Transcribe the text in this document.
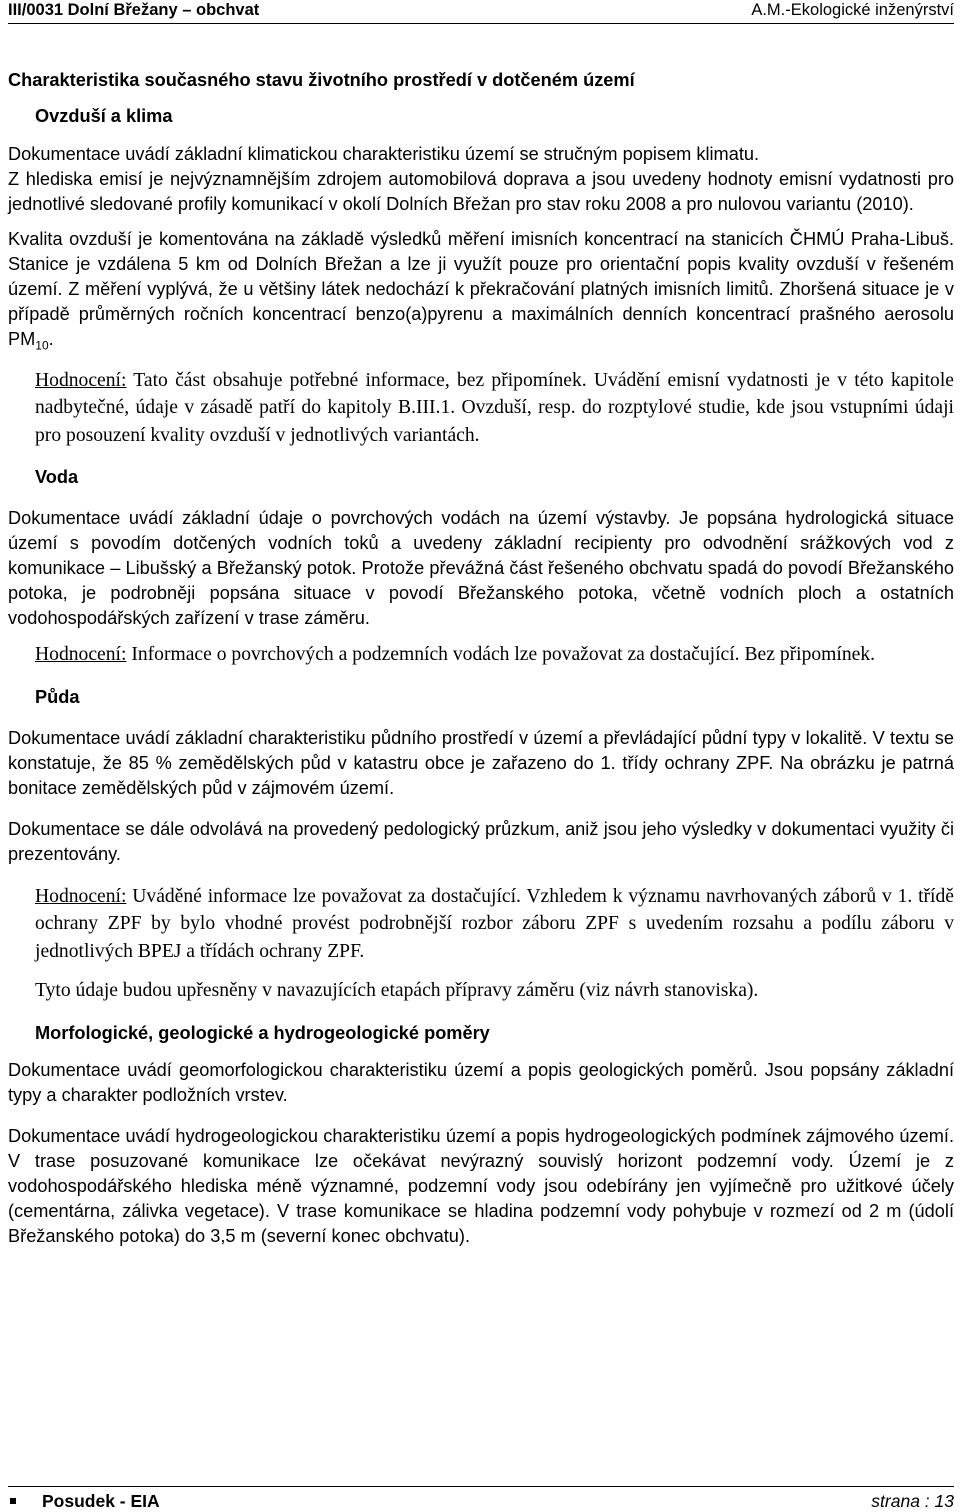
III/0031 Dolní Břežany – obchvat	A.M.-Ekologické inženýrství
Charakteristika současného stavu životního prostředí v dotčeném území
Ovzduší a klima

Dokumentace uvádí základní klimatickou charakteristiku území se stručným popisem klimatu.

Z hlediska emisí je nejvýznamnějším zdrojem automobilová doprava a jsou uvedeny hodnoty emisní vydatnosti pro jednotlivé sledované profily komunikací v okolí Dolních Břežan pro stav roku 2008 a pro nulovou variantu (2010).

Kvalita ovzduší je komentována na základě výsledků měření imisních koncentrací na stanicích ČHMÚ Praha-Libuš. Stanice je vzdálena 5 km od Dolních Břežan a lze ji využít pouze pro orientační popis kvality ovzduší v řešeném území. Z měření vyplývá, že u většiny látek nedochází k překračování platných imisních limitů. Zhoršená situace je v případě průměrných ročních koncentrací benzo(a)pyrenu a maximálních denních koncentrací prašného aerosolu $PM_{10}$.

Hodnocení: Tato část obsahuje potřebné informace, bez připomínek. Uvádění emisní vydatnosti je v této kapitole nadbytečné, údaje v zásadě patří do kapitoly B.III.1. Ovzduší, resp. do rozptylové studie, kde jsou vstupními údaji pro posouzení kvality ovzduší v jednotlivých variantách.

Voda

Dokumentace uvádí základní údaje o povrchových vodách na území výstavby. Je popsána hydrologická situace území s povodím dotčených vodních toků a uvedeny základní recipienty pro odvodnění srážkových vod z komunikace – Libušský a Břežanský potok. Protože převážná část řešeného obchvatu spadá do povodí Břežanského potoka, je podrobněji popsána situace v povodí Břežanského potoka, včetně vodních ploch a ostatních vodohospodářských zařízení v trase záměru.

Hodnocení: Informace o povrchových a podzemních vodách lze považovat za dostačující. Bez připomínek.

Půda

Dokumentace uvádí základní charakteristiku půdního prostředí v území a převládající půdní typy v lokalitě. V textu se konstatuje, že 85 % zemědělských půd v katastru obce je zařazeno do 1. třídy ochrany ZPF. Na obrázku je patrná bonitace zemědělských půd v zájmovém území.

Dokumentace se dále odvolává na provedený pedologický průzkum, aniž jsou jeho výsledky v dokumentaci využity či prezentovány.

Hodnocení: Uváděné informace lze považovat za dostačující. Vzhledem k významu navrhovaných záborů v 1. třídě ochrany ZPF by bylo vhodné provést podrobnější rozbor záboru ZPF s uvedením rozsahu a podílu záboru v jednotlivých BPEJ a třídách ochrany ZPF.

Tyto údaje budou upřesněny v navazujících etapách přípravy záměru (viz návrh stanoviska).

Morfologické, geologické a hydrogeologické poměry

Dokumentace uvádí geomorfologickou charakteristiku území a popis geologických poměrů. Jsou popsány základní typy a charakter podložních vrstev.

Dokumentace uvádí hydrogeologickou charakteristiku území a popis hydrogeologických podmínek zájmového území. V trase posuzované komunikace lze očekávat nevýrazný souvislý horizont podzemní vody. Území je z vodohospodářského hlediska méně významné, podzemní vody jsou odebírány jen vyjímečně pro užitkové účely (cementárna, zálivka vegetace). V trase komunikace se hladina podzemní vody pohybuje v rozmezí od 2 m (údolí Břežanského potoka) do 3,5 m (severní konec obchvatu).

Posudek - EIA	strana : 13
